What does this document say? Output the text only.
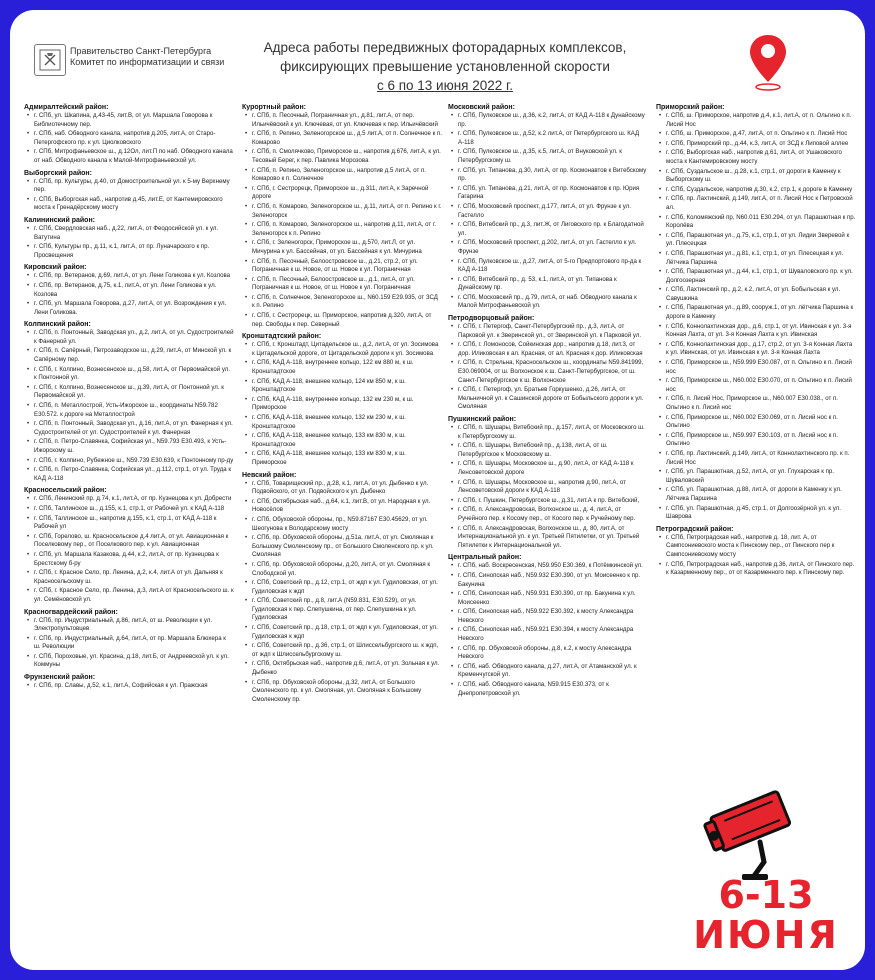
Правительство Санкт-Петербурга
Комитет по информатизации и связи
Адреса работы передвижных фоторадарных комплексов,
фиксирующих превышение установленной скорости
с 6 по 13 июня 2022 г.
Адмиралтейский район:
• г. СПб, ул. Шкапина, д.43-45, лит.В, от ул. Маршала Говорова к Библиотечному пер.
• г. СПб, наб. Обводного канала, напротив д.205, лит.А, от Старо-Петергофского пр. к ул. Циолковского
• г. СПб, Митрофаньевское ш., д.12Ол, лит.П по наб. Обводного канала от наб. Обводного канала к Малой-Митрофаньевской ул.
Выборгский район:
• г. СПб, пр. Культуры, д.40, от Домостроительной ул. к 5-му Верхнему пер.
• г. СПб, Выборгская наб., напротив д.45, лит.Е, от Кантемировского моста к Гренадёрскому мосту
Калининский район:
• г. СПб, Свердловская наб., д.22, лит.А, от Феодосийской ул. к ул. Ватутина
• г. СПб, Культуры пр., д.11, к.1, лит.А, от пр. Луначарского к пр. Просвещения
Кировский район:
• г. СПб, пр. Ветеранов, д.69, лит.А, от ул. Лени Голикова к ул. Козлова
• г. СПб, пр. Ветеранов, д.75, к.1, лит.А, от ул. Лени Голикова к ул. Козлова
• г. СПб, ул. Маршала Говорова, д.27, лит.А, от ул. Возрождения к ул. Лени Голикова.
Колпинский район:
• г. СПб, п. Понтонный, Заводская ул., д.2, лит.А, от ул. Судостроителей к Фанерной ул.
• г. СПб, п. Сапёрный, Петрозаводское ш., д.29, лит.А, от Минской ул. к Сапёрному пер.
• г. СПб, г. Колпино, Вознесенское ш., д.58, лит.А, от Первомайской ул. к Понтонной ул.
• г. СПб, г. Колпино, Вознесенское ш., д.39, лит.А, от Понтонной ул. к Первомайской ул.
• г. СПб, п. Металлострой, Усть-Ижорское ш., координаты N59.782 E30.572. к дороге на Металлострой
• г. СПб, п. Понтонный, Заводская ул., д.16, лит.А, от ул. Фанерная к ул. Судостроителей от ул. Судостроителей к ул. Фанерная
• г. СПб, п. Петро-Славянка, Софийская ул., N59.793 E30.493, к Усть-Ижорскому ш.
• г. СПб, г. Колпино, Рубежное ш., N59.739 E30.639, к Понтонному пр-ду
• г. СПб, п. Петро-Славянка, Софийская ул., д.112, стр.1, от ул. Труда к КАД А-118
Красносельский район:
• г. СПб, Ленинский пр. д.74, к.1, лит.А, от пр. Кузнецова к ул. Добрести
• г. СПб, Таллинское ш., д.155, к.1, стр.1, от Рабочей ул. к КАД А-118
• г. СПб, Таллинское ш., напротив д.155, к.1, стр.1, от КАД А-118 к Рабочей ул
• г. СПб, Горелово, ш. Красносельское д.4 лит.А, от ул. Авиационная к Поселковому пер., от Поселкового пер. к ул. Авиационная
• г. СПб, ул. Маршала Казакова, д.44, к.2, лит.А, от пр. Кузнецова к Брестскому б-ру
• г. СПб, г. Красное Село, пр. Ленина, д.2, к.4, лит.А от ул. Дальняя к Красносельскому ш.
• г. СПб, г. Красное Село, пр. Ленина, д.3, лит.А от Красносельского ш. к ул. Семёновской ул.
Красногвардейский район:
• г. СПб, пр. Индустриальный, д.86, лит.А, от ш. Революции к ул. Электропультовцев
• г. СПб, пр. Индустриальный, д.64, лит.А, от пр. Маршала Блюхера к ш. Революции
• г. СПб, Пороховые, ул. Красина, д.18, лит.Б, от Андреевской ул. к ул. Коммуны
Фрунзенский район:
• г. СПб, пр. Славы, д.52, к.1, лит.А, Софийская к ул. Пражская
Курортный район:
• г. СПб, п. Песочный, Пограничная ул., д.81, лит.А, от пер. Ильичёвский к ул. Ключевая, от ул. Ключевая к пер. Ильичёвский
• г. СПб, п. Репино, Зеленогорское ш., д.5 лит.А, от п. Солнечное к п. Комарово
• г. СПб, п. Смолячково, Приморское ш., напротив д.676, лит.А, к ул. Тесовый Берег, к пер. Павлика Морозова
• г. СПб, п. Репино, Зеленогорское ш., напротив д.5 лит.А, от п. Комарово к п. Солнечное
• г. СПб, г. Сестрорецк, Приморское ш., д.311, лит.А, к Заречной дороге
• г. СПб, п. Комарово, Зеленогорское ш., д.11, лит.А, от п. Репино к г. Зеленогорск
• г. СПб, п. Комарово, Зеленогорское ш., напротив д.11, лит.А, от г. Зеленогорск к п. Репино
• г. СПб, г. Зеленогорск, Приморское ш., д.570, лит.Л, от ул. Мичурина к ул. Бассейная, от ул. Бассейная к ул. Мичурина
• г. СПб, п. Песочный, Белоостровское ш., д.21, стр.2, от ул. Пограничная к ш. Новое, от ш. Новое к ул. Пограничная
• г. СПб, п. Песочный, Белоостровское ш., д.1, лит.А, от ул. Пограничная к ш. Новое, от ш. Новое к ул. Пограничная
• г. СПб, п. Солнечное, Зеленогорское ш., N60.159 E29.935, от ЗСД к п. Репино
• г. СПб, г. Сестрорецк, ш. Приморское, напротив д.320, лит.А, от пер. Свободы к пер. Северный
Кронштадтский район:
• г. СПб, г. Кронштадт, Цитадельское ш., д.2, лит.А, от ул. Зосимова к Цитадельской дороге, от Цитадельской дороги к ул. Зосимова
• г. СПб, КАД А-118, внутреннее кольцо, 122 км 880 м, к ш. Кронштадтское
• г. СПб, КАД А-118, внешнее кольцо, 124 км 850 м, к ш. Кронштадтское
• г. СПб, КАД А-118, внутреннее кольцо, 132 км 230 м, к ш. Приморское
• г. СПб, КАД А-118, внешнее кольцо, 132 км 230 м, к ш. Кронштадтское
• г. СПб, КАД А-118, внешнее кольцо, 133 км 830 м, к ш. Кронштадтское
• г. СПб, КАД А-118, внешнее кольцо, 133 км 830 м, к ш. Приморское
Невский район:
• г. СПб, Товарищеский пр., д.28, к.1, лит.А, от ул. Дыбенко к ул. Подвойского, от ул. Подвойского к ул. Дыбенко
• г. СПб, Октябрьская наб., д.64, к.1, лит.В, от ул. Народная к ул. Новосёлов
• г. СПб, Обуховской обороны, пр., N59.87167 E30.45629, от ул. Шеогунова к Володарскому мосту
• г. СПб, пр. Обуховской обороны, д.51а, лит.А, от ул. Смоляная к Большому Смоленскому пр., от Большого Смоленского пр. к ул. Смоляная
• г. СПб, пр. Обуховской обороны, д.20, лит.А, от ул. Смоляная к Слободской ул.
• г. СПб, Советский пр., д.12, стр.1, от ждп к ул. Гудиловская, от ул. Гудиловская к ждп
• г. СПб, Советский пр., д.8, лит.А (N59.831, E30.529), от ул. Гудиловская к пер. Слепушкина, от пер. Слепушкина к ул. Гудиловская
• г. СПб, Советский пр., д.18, стр.1, от ждп к ул. Гудиловская, от ул. Гудиловская к ждп
• г. СПб, Советский пр., д.36, стр.1, от Шлиссельбургского ш. к ждп, от ждп к Шлиссельбургскому ш.
• г. СПб, Октябрьская наб., напротив д.6, лит.А, от ул. Зольная к ул. Дыбенко
• г. СПб, пр. Обуховской обороны, д.32, лит.А, от Большого Смоленского пр. к ул. Смоляная, ул. Смоляная к Большому Смоленскому пр.
Московский район:
• г. СПб, Пулковское ш., д.36, к.2, лит.А, от КАД А-118 к Дунайскому пр.
• г. СПб, Пулковское ш., д.52, к.2 лит.А, от Петербургского ш. КАД А-118
• г. СПб, Пулковское ш., д.35, к.5, лит.А, от Внуковской ул. к Петербургскому ш.
• г. СПб, ул. Типанова, д.30, лит.А, от пр. Космонавтов к Витебскому пр.
• г. СПб, ул. Типанова, д.21, лит.А, от пр. Космонавтов к пр. Юрия Гагарина
• г. СПб, Московский проспект, д.177, лит.А, от ул. Фрунзе к ул. Гастелло
• г. СПб, Витебский пр., д.3, лит.Ж, от Лиговского пр. к Благодатной ул.
• г. СПб, Московский проспект, д.202, лит.А, от ул. Гастелло к ул. Фрунзе
• г. СПб, Пулковское ш., д.27, лит.А, от 5-го Предпортового пр-да к КАД А-118
• г. СПб, Витебский пр., д. 53, к.1, лит.А, от ул. Типанова к Дунайскому пр.
• г. СПб, Московский пр., д.79, лит.А, от наб. Обводного канала к Малой Митрофаньевской ул.
Петродворцовый район:
• г. СПб, г. Петергоф, Санкт-Петербургский пр., д.3, лит.А, от Парковой ул. к Зверинской ул., от Зверинской ул. к Парковой ул.
• г. СПб, г. Ломоносов, Сойкинская дор., напротив д.18, лит.3, от дор. Иликовская к ал. Красная, от ал. Красная к дор. Иликовская
• г. СПб, п. Стрельна, Красносельское ш., координаты N59.841999, E30.069004, от ш. Волхонское к ш. Санкт-Петербургское, от ш. Санкт-Петербургское к ш. Волхонское
• г. СПб, г. Петергоф, ул. Братьев Горкушенко, д.26, лит.А, от Мельничной ул. к Сашинской дороге от Бобыльского дороги к ул. Смоляная
Пушкинский район:
• г. СПб, п. Шушары, Витебский пр., д.157, лит.А, от Московского ш. к Петербургскому ш.
• г. СПб, п. Шушары, Витебский пр., д.138, лит.А, от ш. Петербургское к Московскому ш.
• г. СПб, п. Шушары, Московское ш., д.90, лит.А, от КАД А-118 к Ленсоветовской дороге
• г. СПб, п. Шушары, Московское ш., напротив д.90, лит.А, от Ленсоветовской дороги к КАД А-118
• г. СПб, г. Пушкин, Петербургское ш., д.31, лит.А к пр. Витебский,
• г. СПб, п. Александровская, Волхонское ш., д. 4, лит.А, от Ручейного пер. к Косому пер., от Косого пер. к Ручейному пер.
• г. СПб, п. Александровская, Волхонское ш., д. 80, лит.А, от Интернациональной ул. к ул. Третьей Пятилетки, от ул. Третьей Пятилетки к Интернациональной ул.
Центральный район:
• г. СПб, наб. Воскресенская, N59.950 E30.369, к Потёмкинской ул.
• г. СПб, Синопская наб., N59.932 E30.390, от ул. Моисеенко к пр. Бакунина
• г. СПб, Синопская наб., N59.931 E30.390, от пр. Бакунина к ул. Моисеенко
• г. СПб, Синопская наб., N59.922 E30.392, к мосту Александра Невского
• г. СПб, Синопская наб., N59.921 E30.394, к мосту Александра Невского
• г. СПб, пр. Обуховской обороны, д.8, к.2, к мосту Александра Невского
• г. СПб, наб. Обводного канала, д.27, лит.А, от Атаманской ул. к Кременчугской ул.
• г. СПб, наб. Обводного канала, N59.915 E30.373, от к Днепропетровской ул.
Приморский район:
• г. СПб, ш. Приморское, напротив д.4, к.1, лит.А, от п. Ольгино к п. Лисий Нос
• г. СПб, ш. Приморское, д.47, лит.А, от п. Ольгино к п. Лисий Нос
• г. СПб, Приморский пр., д.44, к.3, лит.А, от ЗСД к Липовой аллее
• г. СПб, Выборгская наб., напротив д.61, лит.А, от Ушаковского моста к Кантемировскому мосту
• г. СПб, Суздальское ш., д.28, к.1, стр.1, от дороги в Каменку к Выборгскому ш.
• г. СПб, Суздальское, напротив д.30, к.2, стр.1, к дороге в Каменку
• г. СПб, пр. Лахтинский, д.149, лит.А, от п. Лисий Нос к Петровской ал.
• г. СПб, Коломяжский пр, N60.011 E30.294, от ул. Парашютная к пр. Королёва
• г. СПб, Парашютная ул., д.75, к.1, стр.1, от ул. Лидии Зверевой к ул. Плесецкая
• г. СПб, Парашютная ул., д.81, к.1, стр.1, от ул. Плесецкая к ул. Лётчика Паршина
• г. СПб, Парашютная ул., д.44, к.1, стр.1, от Шуваловского пр. к ул. Долгоозерная
• г. СПб, Лахтинский пр., д.2, к.2, лит.А, от ул. Бобыльская к ул. Савушкина
• г. СПб, Парашютная ул., д.89, сооруж.1, от ул. лётчика Паршина к дороге в Каменку
• г. СПб, Коннолахтинская дор., д.6, стр.1, от ул. Ивинская к ул. 3-я Конная Лахта, от ул. 3-я Конная Лахта к ул. Ивинская
• г. СПб, Коннолахтинская дор., д.17, стр.2, от ул. 3-я Конная Лахта к ул. Ивинская, от ул. Ивинская к ул. 3-я Конная Лахта
• г. СПб, Приморское ш., N59.999 E30.087, от п. Ольгино к п. Лисий нос
• г. СПб, Приморское ш., N60.002 E30.070, от п. Ольгино к п. Лисий нос
• г. СПб, п. Лисий Нос, Приморское ш., N60.007 E30.038., от п. Ольгино к п. Лисий нос
• г. СПб, Приморское ш., N60.002 E30.069, от п. Лисий нос к п. Ольгино
• г. СПб, Приморское ш., N59.997 E30.103, от п. Лисий нос к п. Ольгино
• г. СПб, пр. Лахтинский, д.149, лит.А, от Коннолахтинского пр. к п. Лисий Нос
• г. СПб, ул. Парашютная, д.52, лит.А, от ул. Глухарская к пр. Шуваловский
• г. СПб, ул. Парашютная, д.88, лит.А, от дороги в Каменку к ул. Лётчика Паршина
• г. СПб, ул. Парашютная, д.45, стр.1, от Долгоозёрной ул. к ул. Шаврова
Петроградский район:
• г. СПб, Петроградская наб., напротив д. 18, лит. А, от Сампсониевского моста к Пинскому пер., от Пинского пер к Сампсониевскому мосту
• г. СПб, Петроградская наб., напротив д.36, лит.А, от Пинского пер. к Казарменному пер., от от Казарменного пер. к Пинскому пер.
6-13
ИЮНЯ
